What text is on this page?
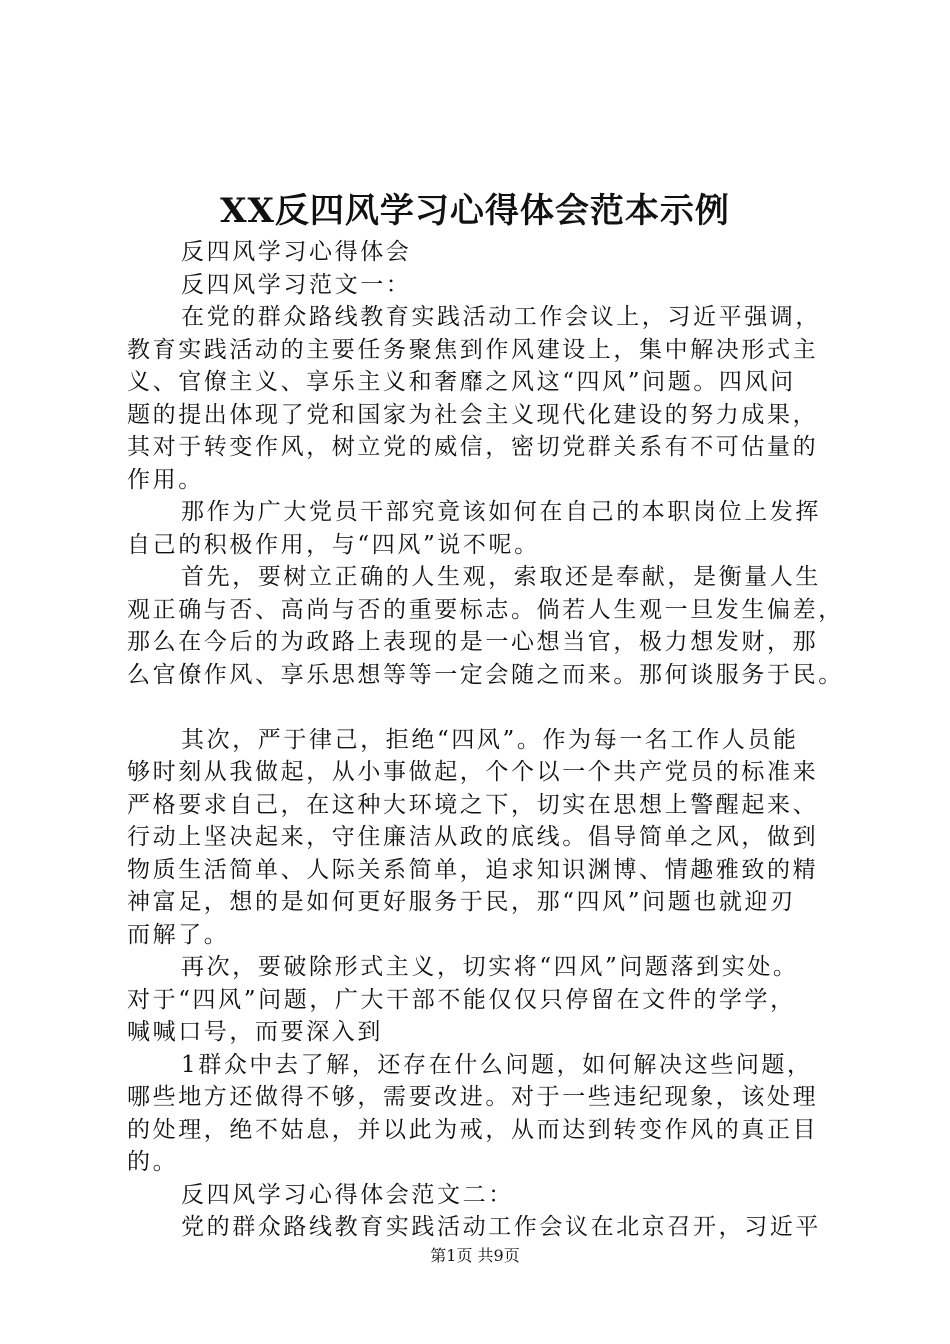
XX反四风学习心得体会范本示例
反四风学习心得体会
反四风学习范文一：
在党的群众路线教育实践活动工作会议上，习近平强调，
教育实践活动的主要任务聚焦到作风建设上，集中解决形式主
义、官僚主义、享乐主义和奢靡之风这“四风”问题。四风问
题的提出体现了党和国家为社会主义现代化建设的努力成果，
其对于转变作风，树立党的威信，密切党群关系有不可估量的
作用。
那作为广大党员干部究竟该如何在自己的本职岗位上发挥
自己的积极作用，与“四风”说不呢。
首先，要树立正确的人生观，索取还是奉献，是衡量人生
观正确与否、高尚与否的重要标志。倘若人生观一旦发生偏差，
那么在今后的为政路上表现的是一心想当官，极力想发财，那
么官僚作风、享乐思想等等一定会随之而来。那何谈服务于民。
其次，严于律己，拒绝“四风”。作为每一名工作人员能
够时刻从我做起，从小事做起，个个以一个共产党员的标准来
严格要求自己，在这种大环境之下，切实在思想上警醒起来、
行动上坚决起来，守住廉洁从政的底线。倡导简单之风，做到
物质生活简单、人际关系简单，追求知识渊博、情趣雅致的精
神富足，想的是如何更好服务于民，那“四风”问题也就迎刃
而解了。
再次，要破除形式主义，切实将“四风”问题落到实处。
对于“四风”问题，广大干部不能仅仅只停留在文件的学学，
喊喊口号，而要深入到
1群众中去了解，还存在什么问题，如何解决这些问题，
哪些地方还做得不够，需要改进。对于一些违纪现象，该处理
的处理，绝不姑息，并以此为戒，从而达到转变作风的真正目
的。
反四风学习心得体会范文二：
党的群众路线教育实践活动工作会议在北京召开，习近平
第1页 共9页
